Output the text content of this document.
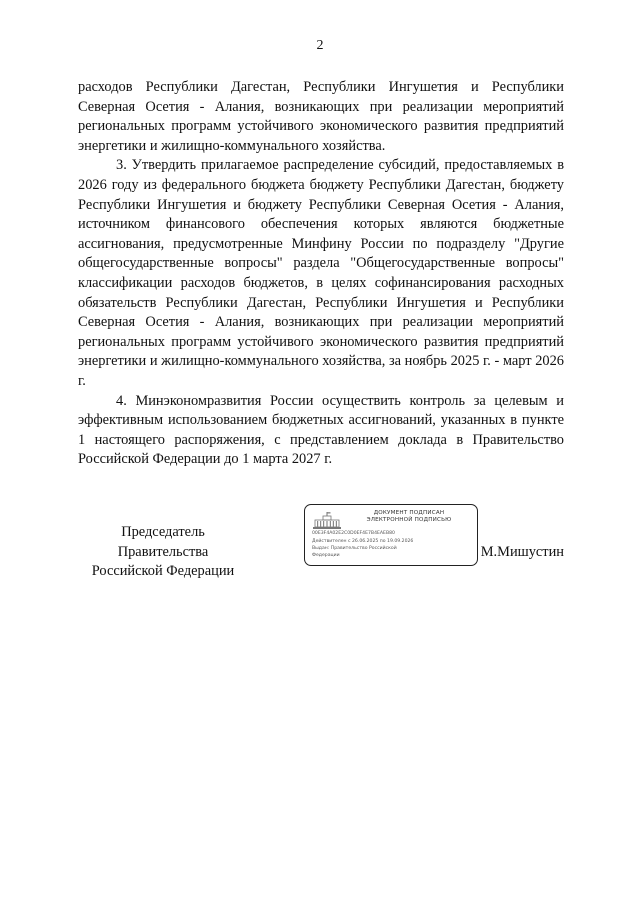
2

расходов Республики Дагестан, Республики Ингушетия и Республики Северная Осетия - Алания, возникающих при реализации мероприятий региональных программ устойчивого экономического развития предприятий энергетики и жилищно-коммунального хозяйства.

3. Утвердить прилагаемое распределение субсидий, предоставляемых в 2026 году из федерального бюджета бюджету Республики Дагестан, бюджету Республики Ингушетия и бюджету Республики Северная Осетия - Алания, источником финансового обеспечения которых являются бюджетные ассигнования, предусмотренные Минфину России по подразделу "Другие общегосударственные вопросы" раздела "Общегосударственные вопросы" классификации расходов бюджетов, в целях софинансирования расходных обязательств Республики Дагестан, Республики Ингушетия и Республики Северная Осетия - Алания, возникающих при реализации мероприятий региональных программ устойчивого экономического развития предприятий энергетики и жилищно-коммунального хозяйства, за ноябрь 2025 г. - март 2026 г.

4. Минэкономразвития России осуществить контроль за целевым и эффективным использованием бюджетных ассигнований, указанных в пункте 1 настоящего распоряжения, с представлением доклада в Правительство Российской Федерации до 1 марта 2027 г.

Председатель Правительства
Российской Федерации
ДОКУМЕНТ ПОДПИСАН
ЭЛЕКТРОННОЙ ПОДПИСЬЮ
00E3F4A02E2C0D0EF4E7B4EAEB80
Действителен с 26.06.2025 по 19.09.2026
Выдан: Правительство Российской
Федерации	М.Мишустин
